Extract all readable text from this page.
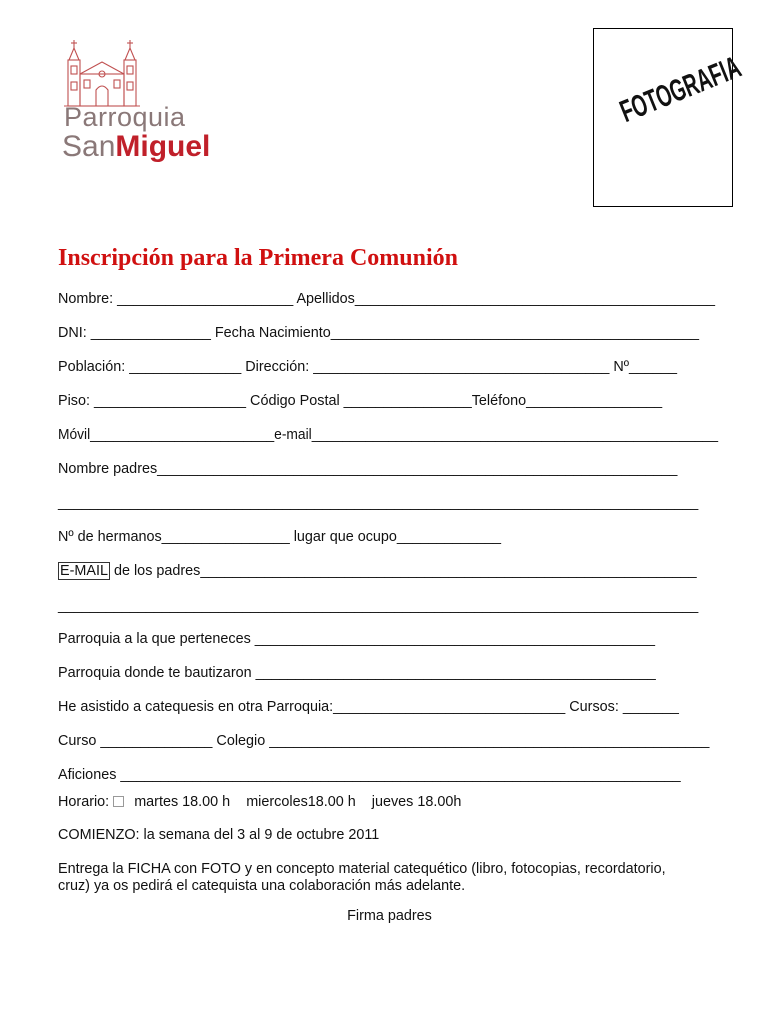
Parroquia
SanMiguel
FOTOGRAFIA
Inscripción para la Primera Comunión
Nombre: ______________________ Apellidos_____________________________________________
DNI: _______________ Fecha Nacimiento______________________________________________
Población: ______________ Dirección: _____________________________________ Nº______
Piso: ___________________ Código Postal ________________Teléfono_________________
Móvil________________________e-mail_____________________________________________________
Nombre padres_________________________________________________________________
________________________________________________________________________________
Nº de hermanos________________ lugar que ocupo_____________
E-MAIL de los padres______________________________________________________________
________________________________________________________________________________
Parroquia a la que perteneces __________________________________________________
Parroquia donde te bautizaron __________________________________________________
He asistido a catequesis en otra Parroquia:_____________________________ Cursos: _______
Curso ______________ Colegio _______________________________________________________
Aficiones ______________________________________________________________________
Horario: martes 18.00 h miercoles18.00 h jueves 18.00h
COMIENZO: la semana del 3 al 9 de octubre 2011
Entrega la FICHA con FOTO y en concepto material catequético (libro, fotocopias, recordatorio,
cruz) ya os pedirá el catequista una colaboración más adelante.
Firma padres
